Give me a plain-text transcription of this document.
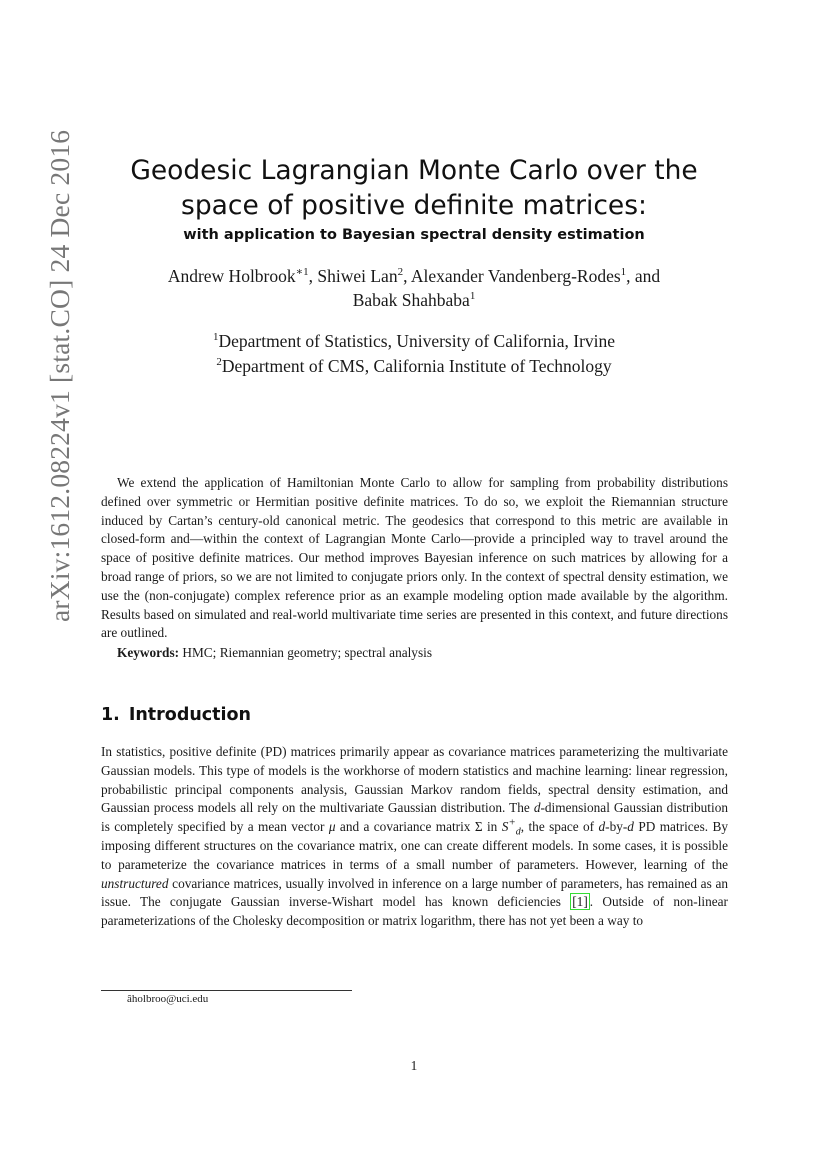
arXiv:1612.08224v1 [stat.CO] 24 Dec 2016	Geodesic Lagrangian Monte Carlo over the
space of positive definite matrices:
with application to Bayesian spectral density estimation
Andrew Holbrook$^{∗1}$, Shiwei Lan$^2$, Alexander Vandenberg-Rodes$^1$, and
Babak Shahbaba$^1$
$^1$Department of Statistics, University of California, Irvine
$^2$Department of CMS, California Institute of Technology

We extend the application of Hamiltonian Monte Carlo to allow for sampling from probability distributions defined over symmetric or Hermitian positive definite matrices. To do so, we exploit the Riemannian structure induced by Cartan’s century-old canonical metric. The geodesics that correspond to this metric are available in closed-form and—within the context of Lagrangian Monte Carlo—provide a principled way to travel around the space of positive definite matrices. Our method improves Bayesian inference on such matrices by allowing for a broad range of priors, so we are not limited to conjugate priors only. In the context of spectral density estimation, we use the (non-conjugate) complex reference prior as an example modeling option made available by the algorithm. Results based on simulated and real-world multivariate time series are presented in this context, and future directions are outlined.

Keywords: HMC; Riemannian geometry; spectral analysis
1. Introduction

In statistics, positive definite (PD) matrices primarily appear as covariance matrices parameterizing the multivariate Gaussian models. This type of models is the workhorse of modern statistics and machine learning: linear regression, probabilistic principal components analysis, Gaussian Markov random fields, spectral density estimation, and Gaussian process models all rely on the multivariate Gaussian distribution. The d-dimensional Gaussian distribution is completely specified by a mean vector μ and a covariance matrix Σ in $S^+_d$, the space of d-by-d PD matrices. By imposing different structures on the covariance matrix, one can create different models. In some cases, it is possible to parameterize the covariance matrices in terms of a small number of parameters. However, learning of the unstructured covariance matrices, usually involved in inference on a large number of parameters, has remained as an issue. The conjugate Gaussian inverse-Wishart model has known deficiencies [1] . Outside of non-linear parameterizations of the Cholesky decomposition or matrix logarithm, there has not yet been a way to

âholbroo@uci.edu
1
